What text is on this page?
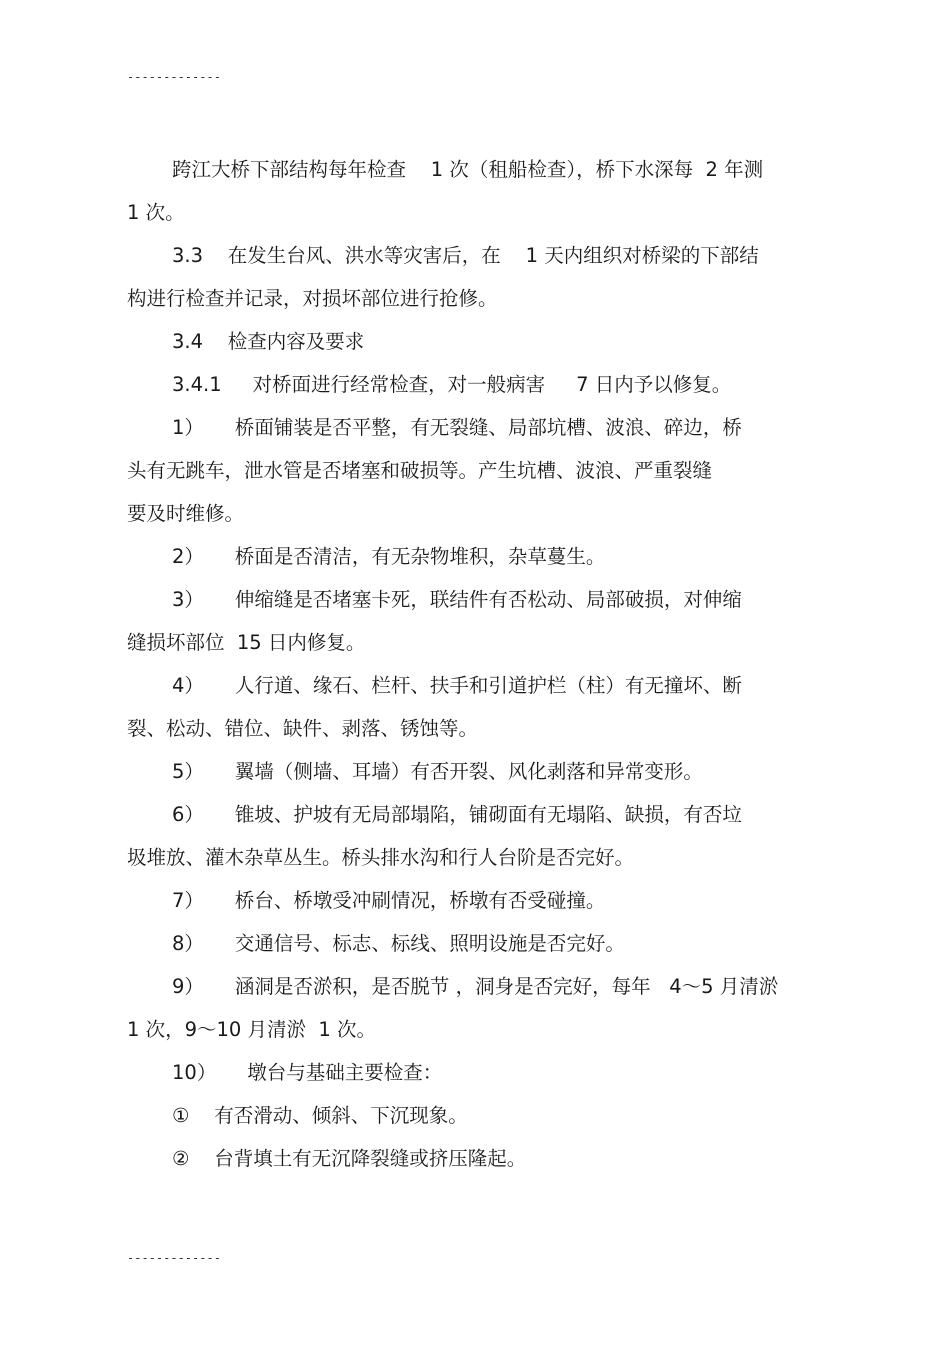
-------------

跨江大桥下部结构每年检查    1 次（租船检查），桥下水深每  2 年测

1 次。

3.3    在发生台风、洪水等灾害后，在    1 天内组织对桥梁的下部结

构进行检查并记录，对损坏部位进行抢修。

3.4    检查内容及要求

3.4.1     对桥面进行经常检查，对一般病害     7 日内予以修复。

1）     桥面铺装是否平整，有无裂缝、局部坑槽、波浪、碎边，桥

头有无跳车，泄水管是否堵塞和破损等。产生坑槽、波浪、严重裂缝

要及时维修。

2）     桥面是否清洁，有无杂物堆积，杂草蔓生。

3）     伸缩缝是否堵塞卡死，联结件有否松动、局部破损，对伸缩

缝损坏部位  15 日内修复。

4）     人行道、缘石、栏杆、扶手和引道护栏（柱）有无撞坏、断

裂、松动、错位、缺件、剥落、锈蚀等。

5）     翼墙（侧墙、耳墙）有否开裂、风化剥落和异常变形。

6）     锥坡、护坡有无局部塌陷，铺砌面有无塌陷、缺损，有否垃

圾堆放、灌木杂草丛生。桥头排水沟和行人台阶是否完好。

7）     桥台、桥墩受冲刷情况，桥墩有否受碰撞。

8）     交通信号、标志、标线、照明设施是否完好。

9）     涵洞是否淤积，是否脱节 ，洞身是否完好，每年   4～5 月清淤

1 次，9～10 月清淤  1 次。

10）     墩台与基础主要检查：

①    有否滑动、倾斜、下沉现象。

②    台背填土有无沉降裂缝或挤压隆起。

-------------
